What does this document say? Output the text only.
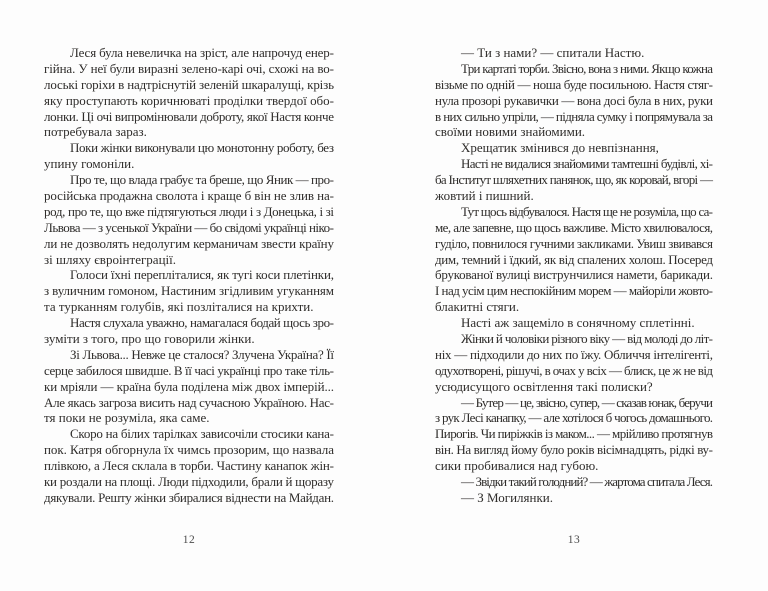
Леся була невеличка на зріст, але напрочуд енер-
гійна. У неї були виразні зелено-карі очі, схожі на во-
лоські горіхи в надтріснутій зеленій шкаралущі, крізь
яку проступають коричнюваті проділки твердої обо-
лонки. Ці очі випромінювали доброту, якої Настя конче
потребувала зараз.
Поки жінки виконували цю монотонну роботу, без
упину гомоніли.
Про те, що влада грабує та бреше, що Яник — про-
російська продажна сволота і краще б він не злив на-
род, про те, що вже підтягуються люди і з Донецька, і зі
Львова — з усенької України — бо свідомі українці ніко-
ли не дозволять недолугим керманичам звести країну
зі шляху євроінтеграції.
Голоси їхні перепліталися, як тугі коси плетінки,
з вуличним гомоном, Настиним згідливим угуканням
та турканням голубів, які позліталися на крихти.
Настя слухала уважно, намагалася бодай щось зро-
зуміти з того, про що говорили жінки.
Зі Львова... Невже це сталося? Злучена Україна? Її
серце забилося швидше. В її часі українці про таке тіль-
ки мріяли — країна була поділена між двох імперій...
Але якась загроза висить над сучасною Україною. Нас-
тя поки не розуміла, яка саме.
Скоро на білих тарілках зависочіли стосики кана-
пок. Катря обгорнула їх чимсь прозорим, що назвала
плівкою, а Леся склала в торби. Частину канапок жін-
ки роздали на площі. Люди підходили, брали й щоразу
дякували. Решту жінки збиралися віднести на Майдан.
12
— Ти з нами? — спитали Настю.
Три картаті торби. Звісно, вона з ними. Якщо кожна
візьме по одній — ноша буде посильною. Настя стяг-
нула прозорі рукавички — вона досі була в них, руки
в них сильно упріли, — підняла сумку і попрямувала за
своїми новими знайомими.
Хрещатик змінився до невпізнання,
Насті не видалися знайомими тамтешні будівлі, хі-
ба Інститут шляхетних панянок, що, як коровай, вгорі —
жовтий і пишний.
Тут щось відбувалося. Настя ще не розуміла, що са-
ме, але запевне, що щось важливе. Місто хвилювалося,
гуділо, повнилося гучними закликами. Увиш звивався
дим, темний і їдкий, як від спалених холош. Посеред
брукованої вулиці виструнчилися намети, барикади.
І над усім цим неспокійним морем — майоріли жовто-
блакитні стяги.
Насті аж защеміло в сонячному сплетінні.
Жінки й чоловіки різного віку — від молоді до літ-
ніх — підходили до них по їжу. Обличчя інтелігенті,
одухотворені, рішучі, в очах у всіх — блиск, це ж не від
усюдисущого освітлення такі полиски?
— Бутер — це, звісно, супер, — сказав юнак, беручи
з рук Лесі канапку, — але хотілося б чогось домашнього.
Пирогів. Чи пиріжків із маком... — мрійливо протягнув
він. На вигляд йому було років вісімнадцять, рідкі ву-
сики пробивалися над губою.
— Звідки такий голодний? — жартома спитала Леся.
— З Могилянки.
13
